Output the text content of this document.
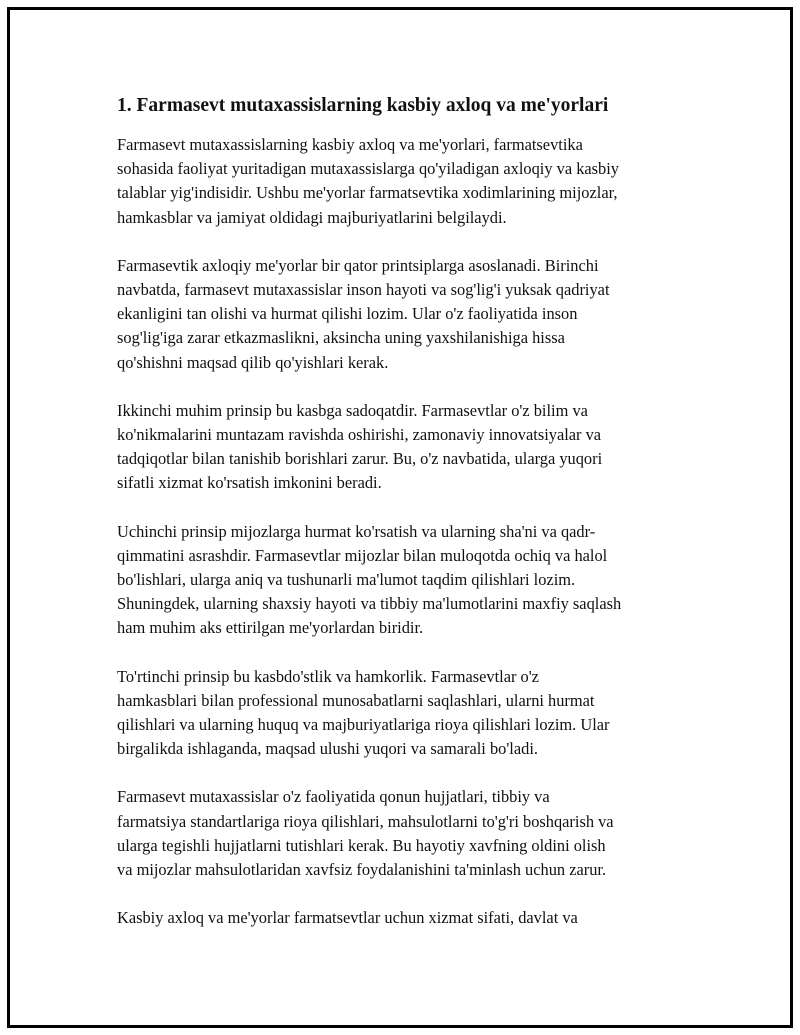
1. Farmasevt mutaxassislarning kasbiy axloq va me'yorlari

Farmasevt mutaxassislarning kasbiy axloq va me'yorlari, farmatsevtika
sohasida faoliyat yuritadigan mutaxassislarga qo'yiladigan axloqiy va kasbiy
talablar yig'indisidir. Ushbu me'yorlar farmatsevtika xodimlarining mijozlar,
hamkasblar va jamiyat oldidagi majburiyatlarini belgilaydi.

Farmasevtik axloqiy me'yorlar bir qator printsiplarga asoslanadi. Birinchi
navbatda, farmasevt mutaxassislar inson hayoti va sog'lig'i yuksak qadriyat
ekanligini tan olishi va hurmat qilishi lozim. Ular o'z faoliyatida inson
sog'lig'iga zarar etkazmaslikni, aksincha uning yaxshilanishiga hissa
qo'shishni maqsad qilib qo'yishlari kerak.

Ikkinchi muhim prinsip bu kasbga sadoqatdir. Farmasevtlar o'z bilim va
ko'nikmalarini muntazam ravishda oshirishi, zamonaviy innovatsiyalar va
tadqiqotlar bilan tanishib borishlari zarur. Bu, o'z navbatida, ularga yuqori
sifatli xizmat ko'rsatish imkonini beradi.

Uchinchi prinsip mijozlarga hurmat ko'rsatish va ularning sha'ni va qadr-
qimmatini asrashdir. Farmasevtlar mijozlar bilan muloqotda ochiq va halol
bo'lishlari, ularga aniq va tushunarli ma'lumot taqdim qilishlari lozim.
Shuningdek, ularning shaxsiy hayoti va tibbiy ma'lumotlarini maxfiy saqlash
ham muhim aks ettirilgan me'yorlardan biridir.

To'rtinchi prinsip bu kasbdo'stlik va hamkorlik. Farmasevtlar o'z
hamkasblari bilan professional munosabatlarni saqlashlari, ularni hurmat
qilishlari va ularning huquq va majburiyatlariga rioya qilishlari lozim. Ular
birgalikda ishlaganda, maqsad ulushi yuqori va samarali bo'ladi.

Farmasevt mutaxassislar o'z faoliyatida qonun hujjatlari, tibbiy va
farmatsiya standartlariga rioya qilishlari, mahsulotlarni to'g'ri boshqarish va
ularga tegishli hujjatlarni tutishlari kerak. Bu hayotiy xavfning oldini olish
va mijozlar mahsulotlaridan xavfsiz foydalanishini ta'minlash uchun zarur.

Kasbiy axloq va me'yorlar farmatsevtlar uchun xizmat sifati, davlat va
